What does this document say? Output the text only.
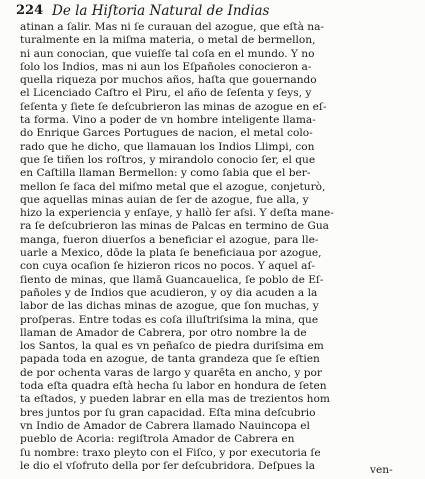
224 De la Hiſtoria Natural de Indias
atinan a ſalir. Mas ni ſe curauan del azogue, que eſtà na-
turalmente en la miſma materia, o metal de bermellon,
ni aun conocian, que vuieſſe tal coſa en el mundo. Y no
ſolo los Indios, mas ni aun los Eſpañoles conocieron a-
quella riqueza por muchos años, haſta que gouernando
el Licenciado Caſtro el Piru, el año de ſeſenta y ſeys, y
ſeſenta y ſiete ſe deſcubrieron las minas de azogue en eſ-
ta forma. Vino a poder de vn hombre inteligente llama-
do Enrique Garces Portugues de nacion, el metal colo-
rado que he dicho, que llamauan los Indios Llimpi, con
que ſe tiñen los roſtros, y mirandolo conocio ſer, el que
en Caſtilla llaman Bermellon: y como ſabia que el ber-
mellon ſe ſaca del miſmo metal que el azogue, conjeturò,
que aquellas minas auian de ſer de azogue, fue alla, y
hizo la experiencia y enſaye, y hallò ſer aſsi. Y deſta mane-
ra ſe deſcubrieron las minas de Palcas en termino de Gua
manga, fueron diuerſos a beneficiar el azogue, para lle-
uarle a Mexico, dōde la plata ſe beneficiaua por azogue,
con cuya ocaſion ſe hizieron ricos no pocos. Y aquel aſ-
ſiento de minas, que llamā Guancauelica, ſe poblo de Eſ-
pañoles y de Indios que acudieron, y oy dia acuden a la
labor de las dichas minas de azogue, que ſon muchas, y
proſperas. Entre todas es coſa illuſtriſsima la mina, que
llaman de Amador de Cabrera, por otro nombre la de
los Santos, la qual es vn peñaſco de piedra duriſsima em
papada toda en azogue, de tanta grandeza que ſe eſtien
de por ochenta varas de largo y quarēta en ancho, y por
toda eſta quadra eſtà hecha ſu labor en hondura de ſeten
ta eſtados, y pueden labrar en ella mas de trezientos hom
bres juntos por ſu gran capacidad. Eſta mina deſcubrio
vn Indio de Amador de Cabrera llamado Nauincopa el
pueblo de Acoria: regiſtrola Amador de Cabrera en
ſu nombre: traxo pleyto con el Fiſco, y por executoria ſe
le dio el vſofruto della por ſer deſcubridora. Deſpues la	ven-
